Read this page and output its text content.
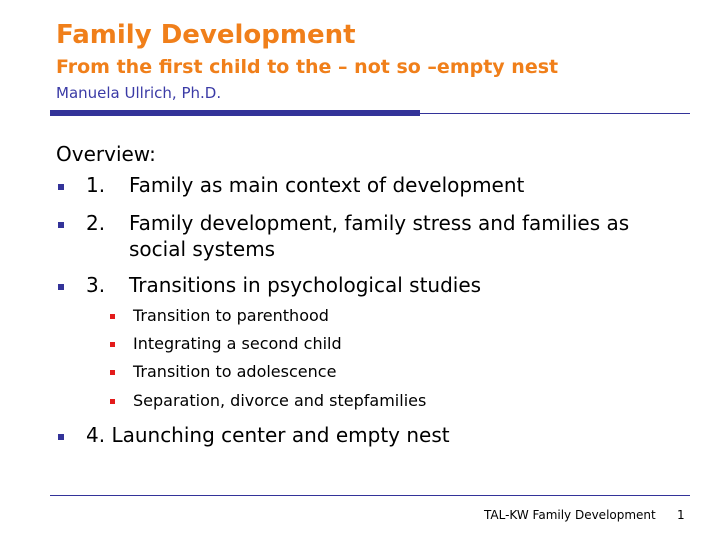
Family Development
From the first child to the – not so –empty nest
Manuela Ullrich, Ph.D.
Overview:
1. Family as main context of development
2. Family development, family stress and families as
social systems
3. Transitions in psychological studies
Transition to parenthood
Integrating a second child
Transition to adolescence
Separation, divorce and stepfamilies
4. Launching center and empty nest
TAL-KW Family Development 1
